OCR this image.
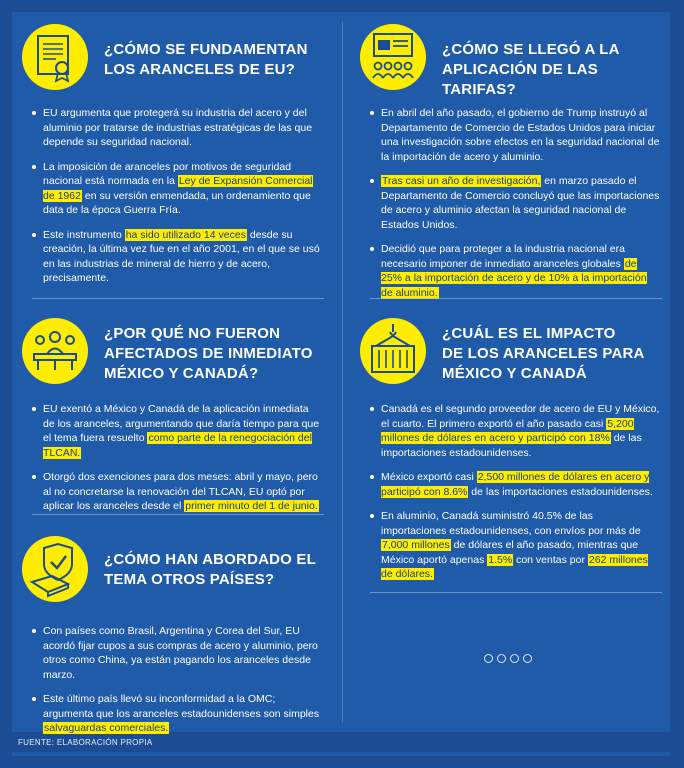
¿CÓMO SE FUNDAMENTAN
LOS ARANCELES DE EU?
EU argumenta que protegerá su industria del acero y del aluminio por tratarse de industrias estratégicas de las que depende su seguridad nacional.
La imposición de aranceles por motivos de seguridad nacional está normada en la Ley de Expansión Comercial de 1962 en su versión enmendada, un ordenamiento que data de la época Guerra Fría.
Este instrumento ha sido utilizado 14 veces desde su creación, la última vez fue en el año 2001, en el que se usó en las industrias de mineral de hierro y de acero, precisamente.
¿POR QUÉ NO FUERON
AFECTADOS DE INMEDIATO
MÉXICO Y CANADÁ?
EU exentó a México y Canadá de la aplicación inmediata de los aranceles, argumentando que daría tiempo para que el tema fuera resuelto como parte de la renegociación del TLCAN.
Otorgó dos exenciones para dos meses: abril y mayo, pero al no concretarse la renovación del TLCAN, EU optó por aplicar los aranceles desde el primer minuto del 1 de junio.
¿CÓMO HAN ABORDADO EL
TEMA OTROS PAÍSES?
Con países como Brasil, Argentina y Corea del Sur, EU acordó fijar cupos a sus compras de acero y aluminio, pero otros como China, ya están pagando los aranceles desde marzo.
Este último país llevó su inconformidad a la OMC; argumenta que los aranceles estadounidenses son simples salvaguardas comerciales.
¿CÓMO SE LLEGÓ A LA
APLICACIÓN DE LAS TARIFAS?
En abril del año pasado, el gobierno de Trump instruyó al Departamento de Comercio de Estados Unidos para iniciar una investigación sobre efectos en la seguridad nacional de la importación de acero y aluminio.
Tras casi un año de investigación, en marzo pasado el Departamento de Comercio concluyó que las importaciones de acero y aluminio afectan la seguridad nacional de Estados Unidos.
Decidió que para proteger a la industria nacional era necesario imponer de inmediato aranceles globales de 25% a la importación de acero y de 10% a la importación de aluminio.
¿CUÁL ES EL IMPACTO
DE LOS ARANCELES PARA
MÉXICO Y CANADÁ
Canadá es el segundo proveedor de acero de EU y México, el cuarto. El primero exportó el año pasado casi 5,200 millones de dólares en acero y participó con 18% de las importaciones estadounidenses.
México exportó casi 2,500 millones de dólares en acero y participó con 8.6% de las importaciones estadounidenses.
En aluminio, Canadá suministró 40.5% de las importaciones estadounidenses, con envíos por más de 7,000 millones de dólares el año pasado, mientras que México aportó apenas 1.5% con ventas por 262 millones de dólares.
FUENTE: ELABORACIÓN PROPIA
